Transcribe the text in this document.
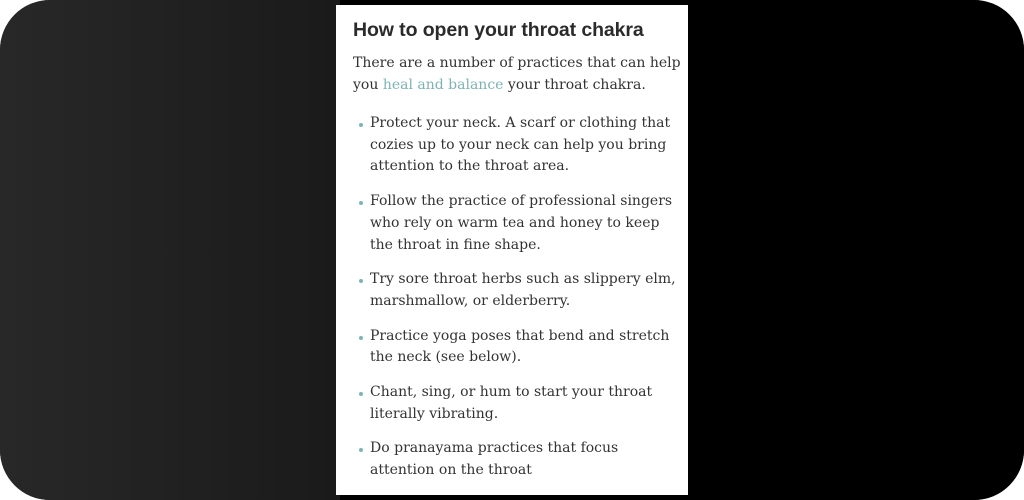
How to open your throat chakra
There are a number of practices that can help you heal and balance your throat chakra.
Protect your neck. A scarf or clothing that cozies up to your neck can help you bring attention to the throat area.
Follow the practice of professional singers who rely on warm tea and honey to keep the throat in fine shape.
Try sore throat herbs such as slippery elm, marshmallow, or elderberry.
Practice yoga poses that bend and stretch the neck (see below).
Chant, sing, or hum to start your throat literally vibrating.
Do pranayama practices that focus attention on the throat
